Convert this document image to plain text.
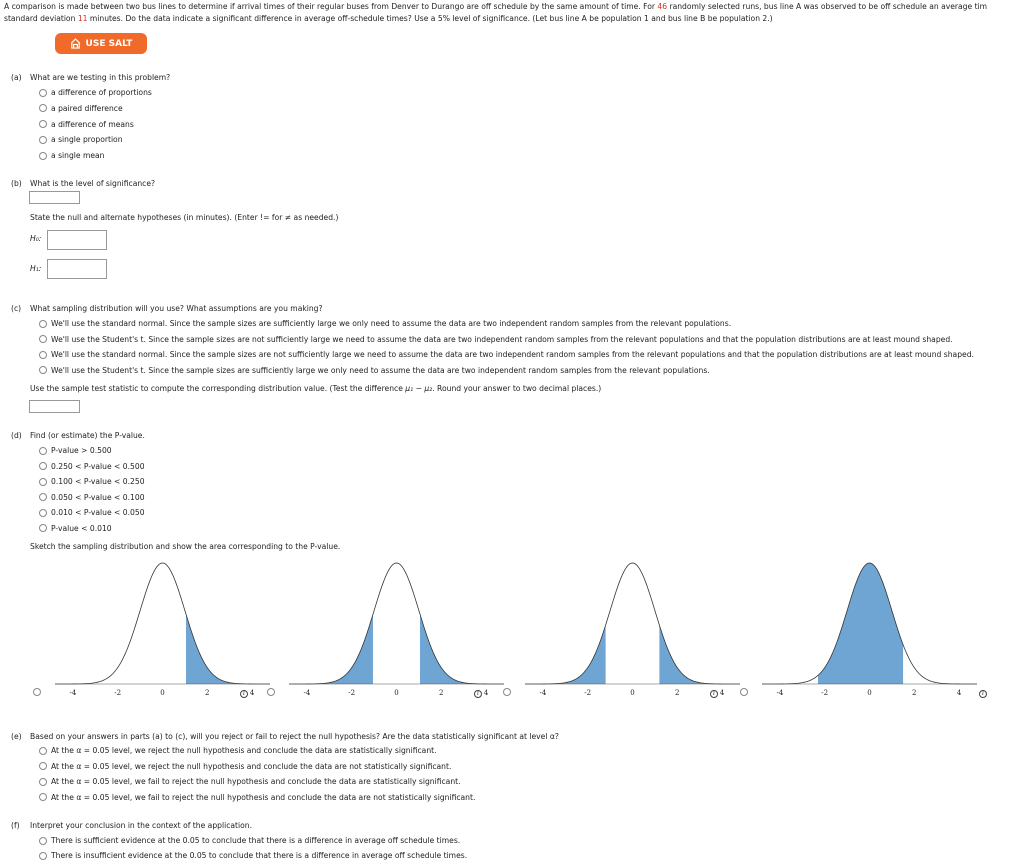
A comparison is made between two bus lines to determine if arrival times of their regular buses from Denver to Durango are off schedule by the same amount of time. For 46 randomly selected runs, bus line A was observed to be off schedule an average tim
standard deviation 11 minutes. Do the data indicate a significant difference in average off-schedule times? Use a 5% level of significance. (Let bus line A be population 1 and bus line B be population 2.)
USE SALT
(a) What are we testing in this problem?
a difference of proportions
a paired difference
a difference of means
a single proportion
a single mean
(b) What is the level of significance?
State the null and alternate hypotheses (in minutes). (Enter != for ≠ as needed.)
H₀:
H₁:
(c) What sampling distribution will you use? What assumptions are you making?
We'll use the standard normal. Since the sample sizes are sufficiently large we only need to assume the data are two independent random samples from the relevant populations.
We'll use the Student's t. Since the sample sizes are not sufficiently large we need to assume the data are two independent random samples from the relevant populations and that the population distributions are at least mound shaped.
We'll use the standard normal. Since the sample sizes are not sufficiently large we need to assume the data are two independent random samples from the relevant populations and that the population distributions are at least mound shaped.
We'll use the Student's t. Since the sample sizes are sufficiently large we only need to assume the data are two independent random samples from the relevant populations.
Use the sample test statistic to compute the corresponding distribution value. (Test the difference μ₁ − μ₂. Round your answer to two decimal places.)
(d) Find (or estimate) the P-value.
P-value > 0.500
0.250 < P-value < 0.500
0.100 < P-value < 0.250
0.050 < P-value < 0.100
0.010 < P-value < 0.050
P-value < 0.010
Sketch the sampling distribution and show the area corresponding to the P-value.
-4	-2	0	2	4
i	-4	-2	0	2	4
i	-4	-2	0	2	4
i	-4	-2	0	2	4	i
(e) Based on your answers in parts (a) to (c), will you reject or fail to reject the null hypothesis? Are the data statistically significant at level α?
At the α = 0.05 level, we reject the null hypothesis and conclude the data are statistically significant.
At the α = 0.05 level, we reject the null hypothesis and conclude the data are not statistically significant.
At the α = 0.05 level, we fail to reject the null hypothesis and conclude the data are statistically significant.
At the α = 0.05 level, we fail to reject the null hypothesis and conclude the data are not statistically significant.
(f) Interpret your conclusion in the context of the application.
There is sufficient evidence at the 0.05 to conclude that there is a difference in average off schedule times.
There is insufficient evidence at the 0.05 to conclude that there is a difference in average off schedule times.
